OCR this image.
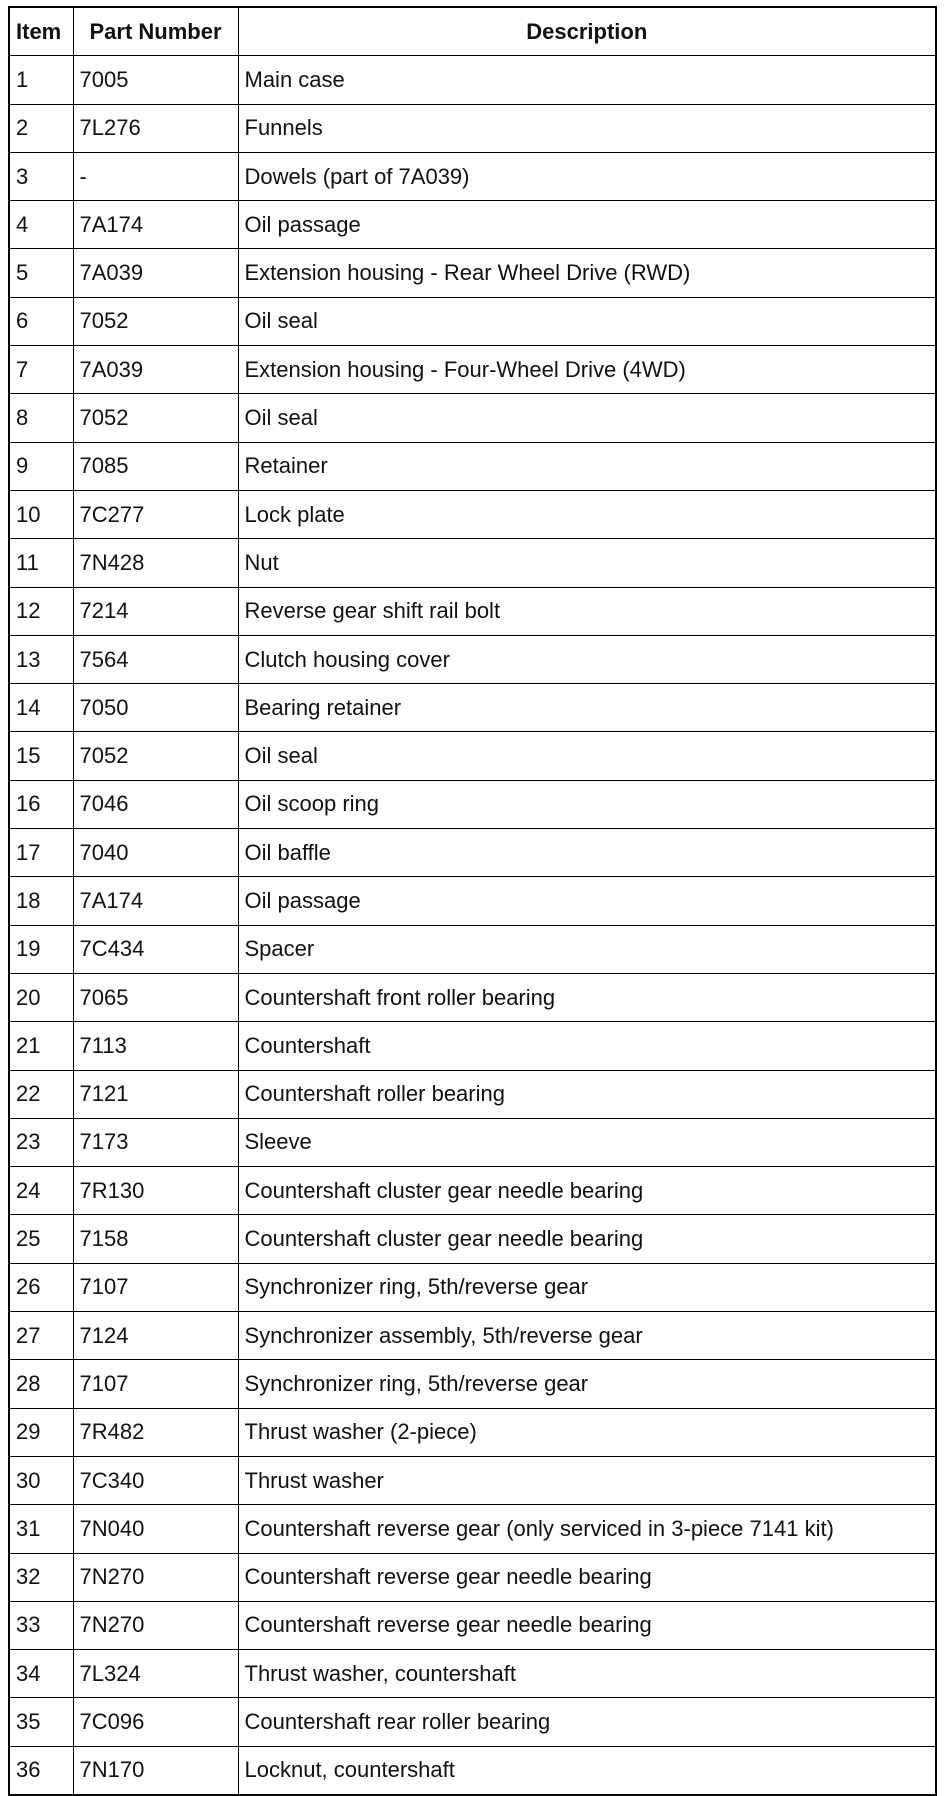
Item	Part Number	Description
1	7005	Main case
2	7L276	Funnels
3	-	Dowels (part of 7A039)
4	7A174	Oil passage
5	7A039	Extension housing - Rear Wheel Drive (RWD)
6	7052	Oil seal
7	7A039	Extension housing - Four-Wheel Drive (4WD)
8	7052	Oil seal
9	7085	Retainer
10	7C277	Lock plate
11	7N428	Nut
12	7214	Reverse gear shift rail bolt
13	7564	Clutch housing cover
14	7050	Bearing retainer
15	7052	Oil seal
16	7046	Oil scoop ring
17	7040	Oil baffle
18	7A174	Oil passage
19	7C434	Spacer
20	7065	Countershaft front roller bearing
21	7113	Countershaft
22	7121	Countershaft roller bearing
23	7173	Sleeve
24	7R130	Countershaft cluster gear needle bearing
25	7158	Countershaft cluster gear needle bearing
26	7107	Synchronizer ring, 5th/reverse gear
27	7124	Synchronizer assembly, 5th/reverse gear
28	7107	Synchronizer ring, 5th/reverse gear
29	7R482	Thrust washer (2-piece)
30	7C340	Thrust washer
31	7N040	Countershaft reverse gear (only serviced in 3-piece 7141 kit)
32	7N270	Countershaft reverse gear needle bearing
33	7N270	Countershaft reverse gear needle bearing
34	7L324	Thrust washer, countershaft
35	7C096	Countershaft rear roller bearing
36	7N170	Locknut, countershaft
